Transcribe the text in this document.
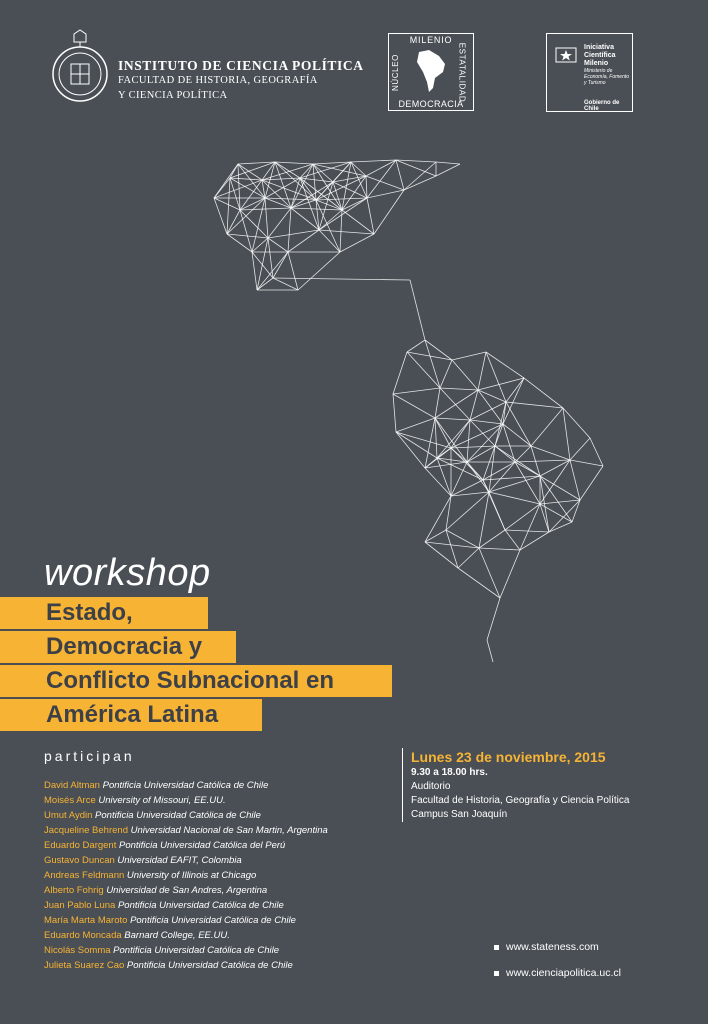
INSTITUTO DE CIENCIA POLÍTICA
FACULTAD DE HISTORIA, GEOGRAFÍA
Y CIENCIA POLÍTICA
MILENIO
NÚCLEO	ESTATALIDAD
DEMOCRACIA
Iniciativa Científica Milenio
Ministerio de Economía, Fomento y Turismo
Gobierno de Chile
workshop
Estado,
Democracia y
Conflicto Subnacional en
América Latina
participan
David Altman Pontificia Universidad Católica de Chile
Moisés Arce University of Missouri, EE.UU.
Umut Aydin Pontificia Universidad Católica de Chile
Jacqueline Behrend Universidad Nacional de San Martin, Argentina
Eduardo Dargent Pontificia Universidad Católica del Perú
Gustavo Duncan Universidad EAFIT, Colombia
Andreas Feldmann University of Illinois at Chicago
Alberto Fohrig Universidad de San Andres, Argentina
Juan Pablo Luna Pontificia Universidad Católica de Chile
María Marta Maroto Pontificia Universidad Católica de Chile
Eduardo Moncada Barnard College, EE.UU.
Nicolás Somma Pontificia Universidad Católica de Chile
Julieta Suarez Cao Pontificia Universidad Católica de Chile
Lunes 23 de noviembre, 2015
9.30 a 18.00 hrs.
Auditorio
Facultad de Historia, Geografía y Ciencia Política
Campus San Joaquín
www.stateness.com
www.cienciapolitica.uc.cl
